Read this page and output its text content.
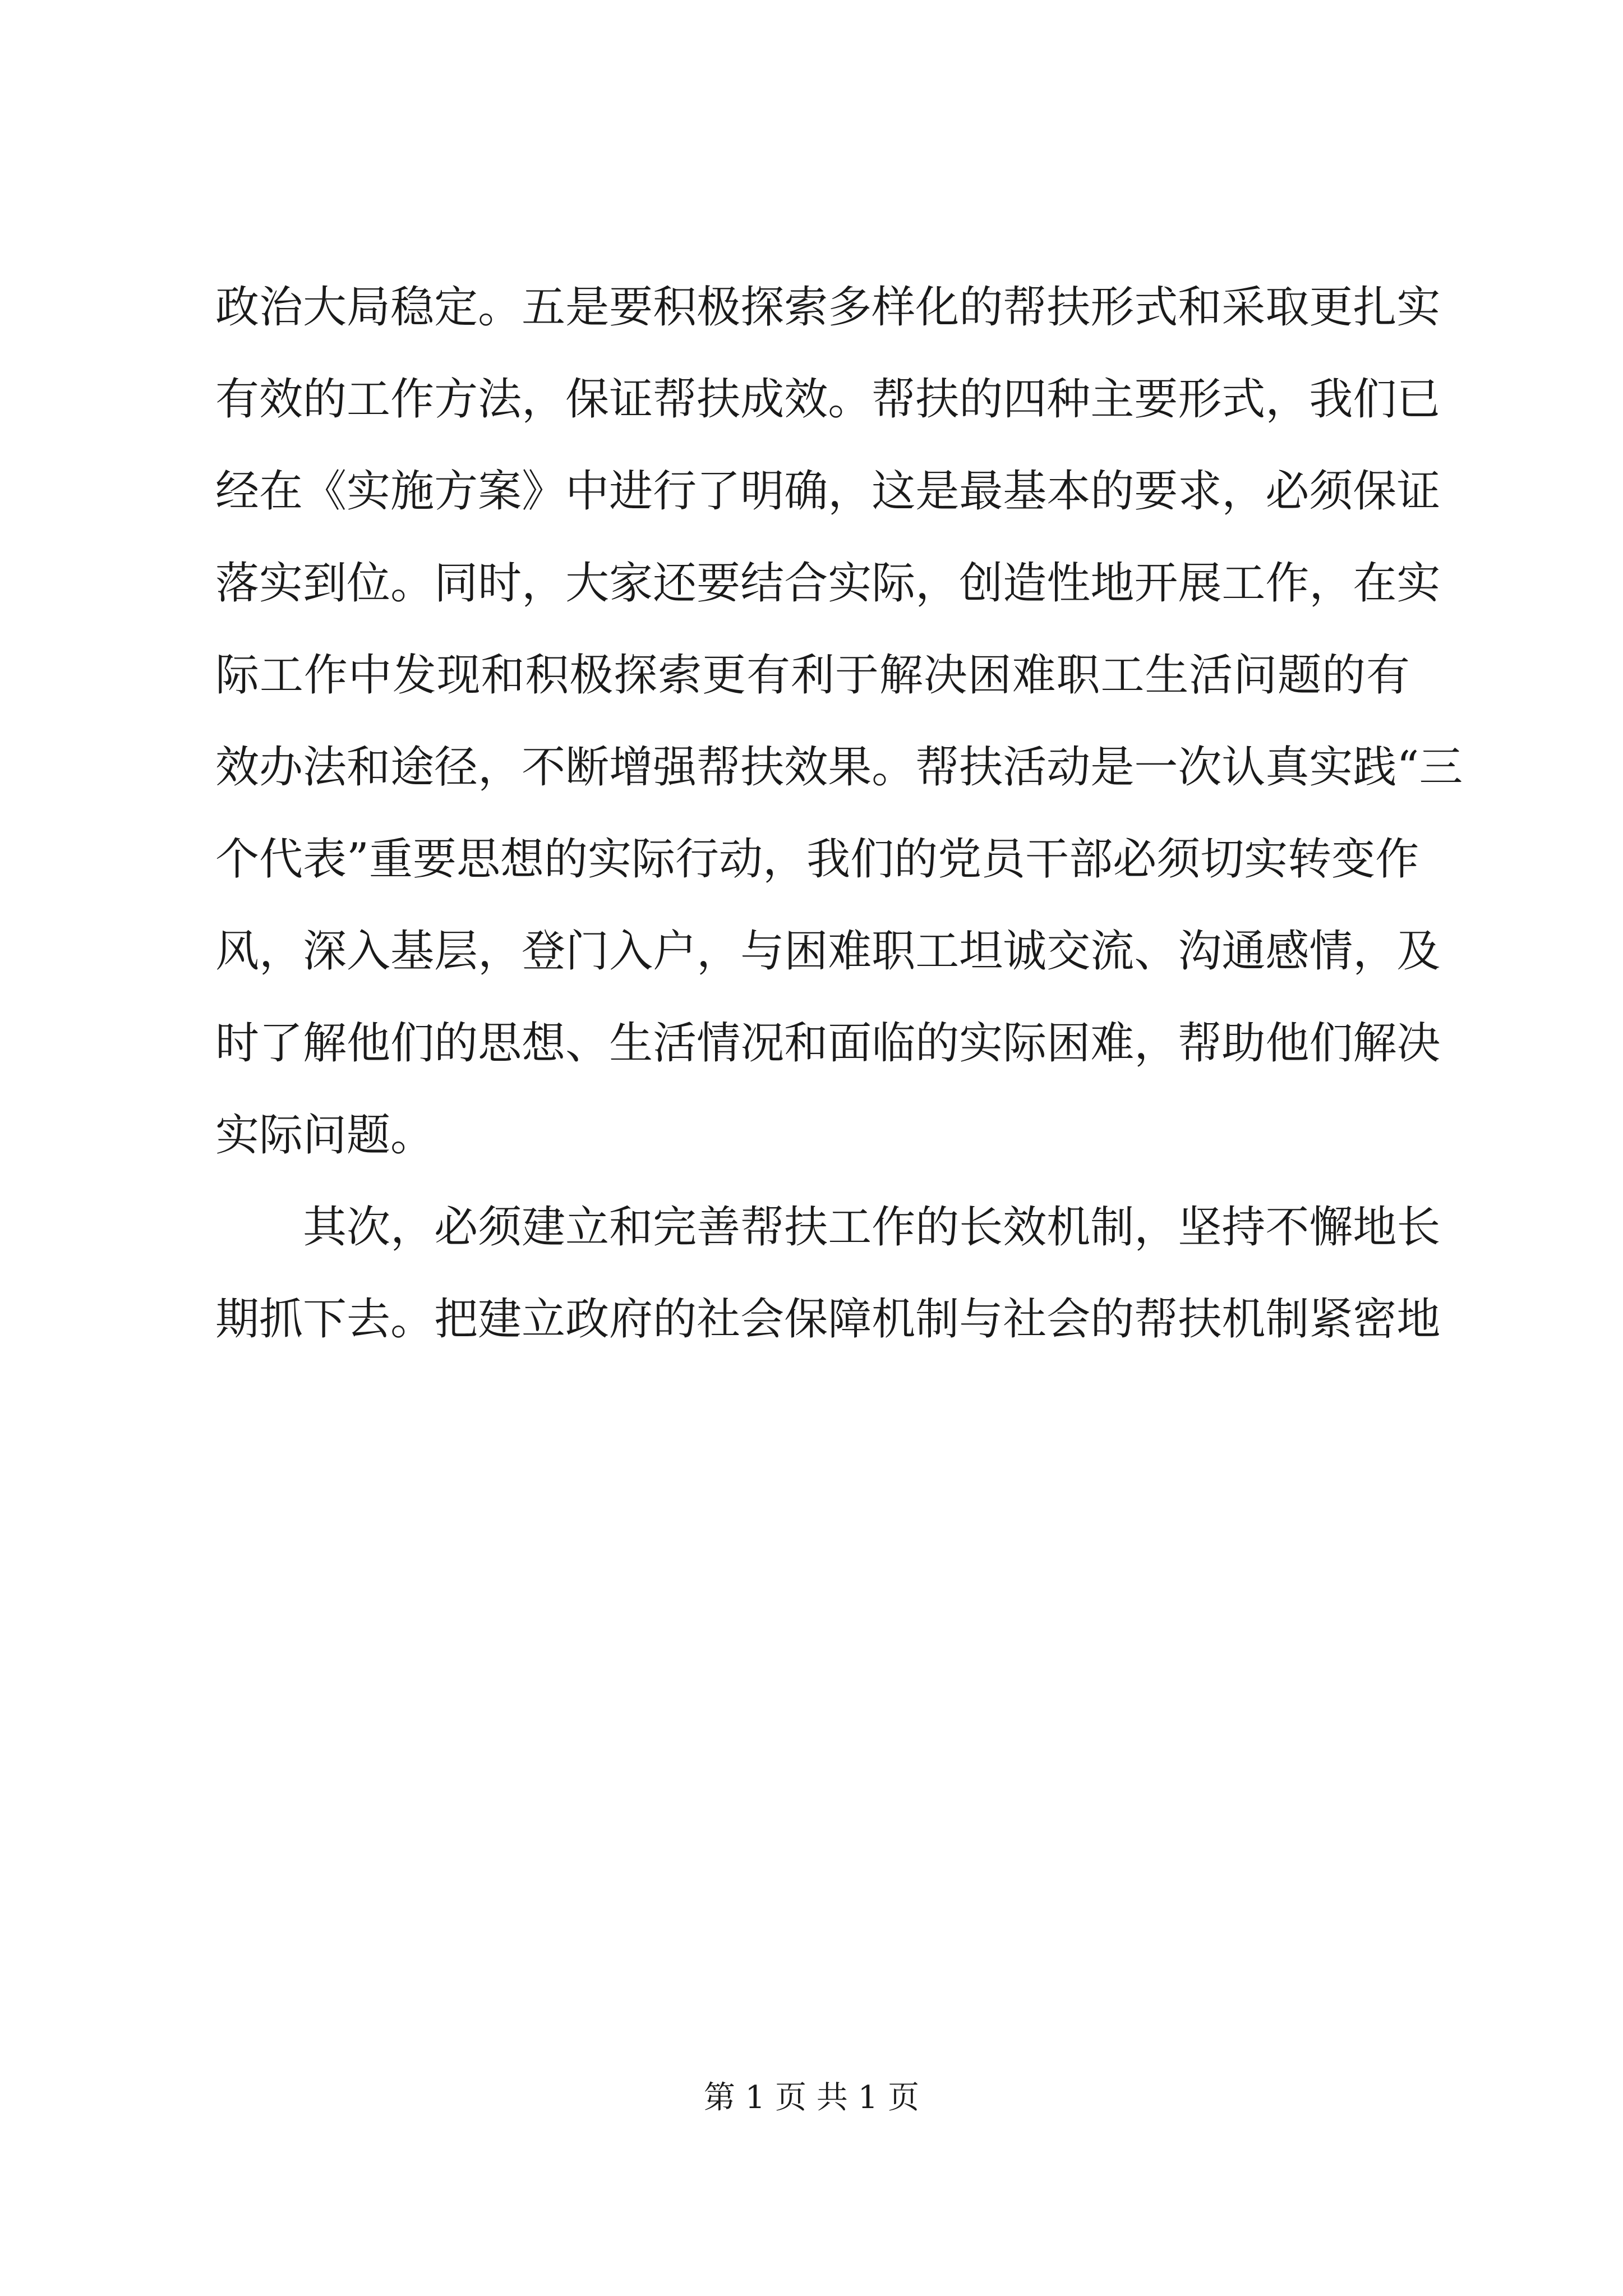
政 治 大 局 稳 定 。 五 是 要 积 极 探 索 多 样 化 的 帮 扶 形 式 和 采 取 更 扎 实
有 效 的 工 作 方 法 ， 保 证 帮 扶 成 效 。 帮 扶 的 四 种 主 要 形 式 ， 我 们 已
经 在 《 实 施 方 案 》 中 进 行 了 明 确 ， 这 是 最 基 本 的 要 求 ， 必 须 保 证
落 实 到 位 。 同 时 ， 大 家 还 要 结 合 实 际 ， 创 造 性 地 开 展 工 作 ， 在 实
际 工 作 中 发 现 和 积 极 探 索 更 有 利 于 解 决 困 难 职 工 生 活 问 题 的 有
效 办 法 和 途 径 ， 不 断 增 强 帮 扶 效 果 。 帮 扶 活 动 是 一 次 认 真 实 践 “ 三
个 代 表 ” 重 要 思 想 的 实 际 行 动 ， 我 们 的 党 员 干 部 必 须 切 实 转 变 作
风 ， 深 入 基 层 ， 登 门 入 户 ， 与 困 难 职 工 坦 诚 交 流 、 沟 通 感 情 ， 及
时 了 解 他 们 的 思 想 、 生 活 情 况 和 面 临 的 实 际 困 难 ， 帮 助 他 们 解 决
实际问题。

其 次 ， 必 须 建 立 和 完 善 帮 扶 工 作 的 长 效 机 制 ， 坚 持 不 懈 地 长
期 抓 下 去 。 把 建 立 政 府 的 社 会 保 障 机 制 与 社 会 的 帮 扶 机 制 紧 密 地
第 1 页 共 1 页
